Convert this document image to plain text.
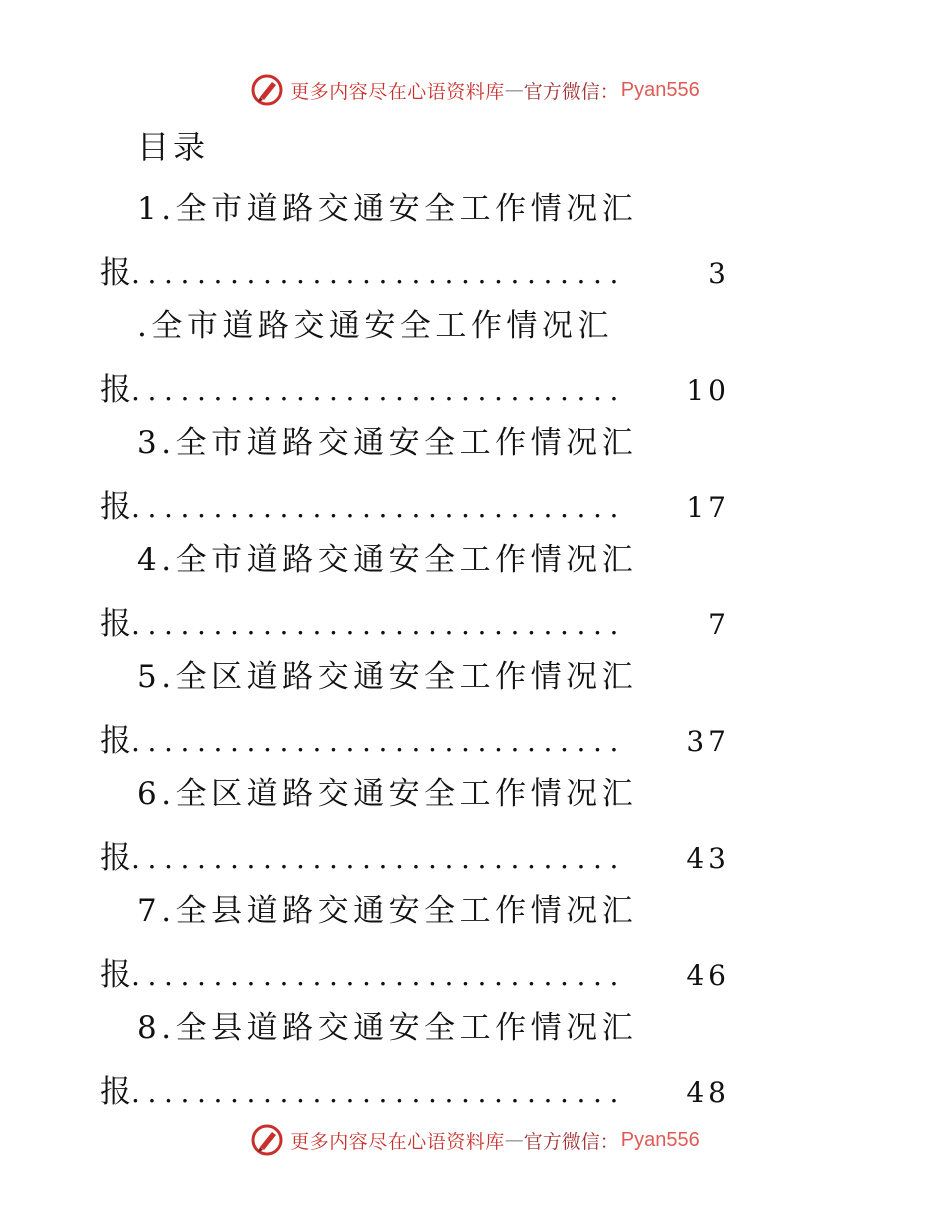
更多内容尽在心语资料库 — 官方微信： Pyan556
目录
1.全市道路交通安全工作情况汇
报 ..............................	3
.全市道路交通安全工作情况汇
报 ..............................	10
3.全市道路交通安全工作情况汇
报 ..............................	17
4.全市道路交通安全工作情况汇
报 ..............................	7
5.全区道路交通安全工作情况汇
报 ..............................	37
6.全区道路交通安全工作情况汇
报 ..............................	43
7.全县道路交通安全工作情况汇
报 ..............................	46
8.全县道路交通安全工作情况汇
报 ..............................	48
更多内容尽在心语资料库 — 官方微信： Pyan556
